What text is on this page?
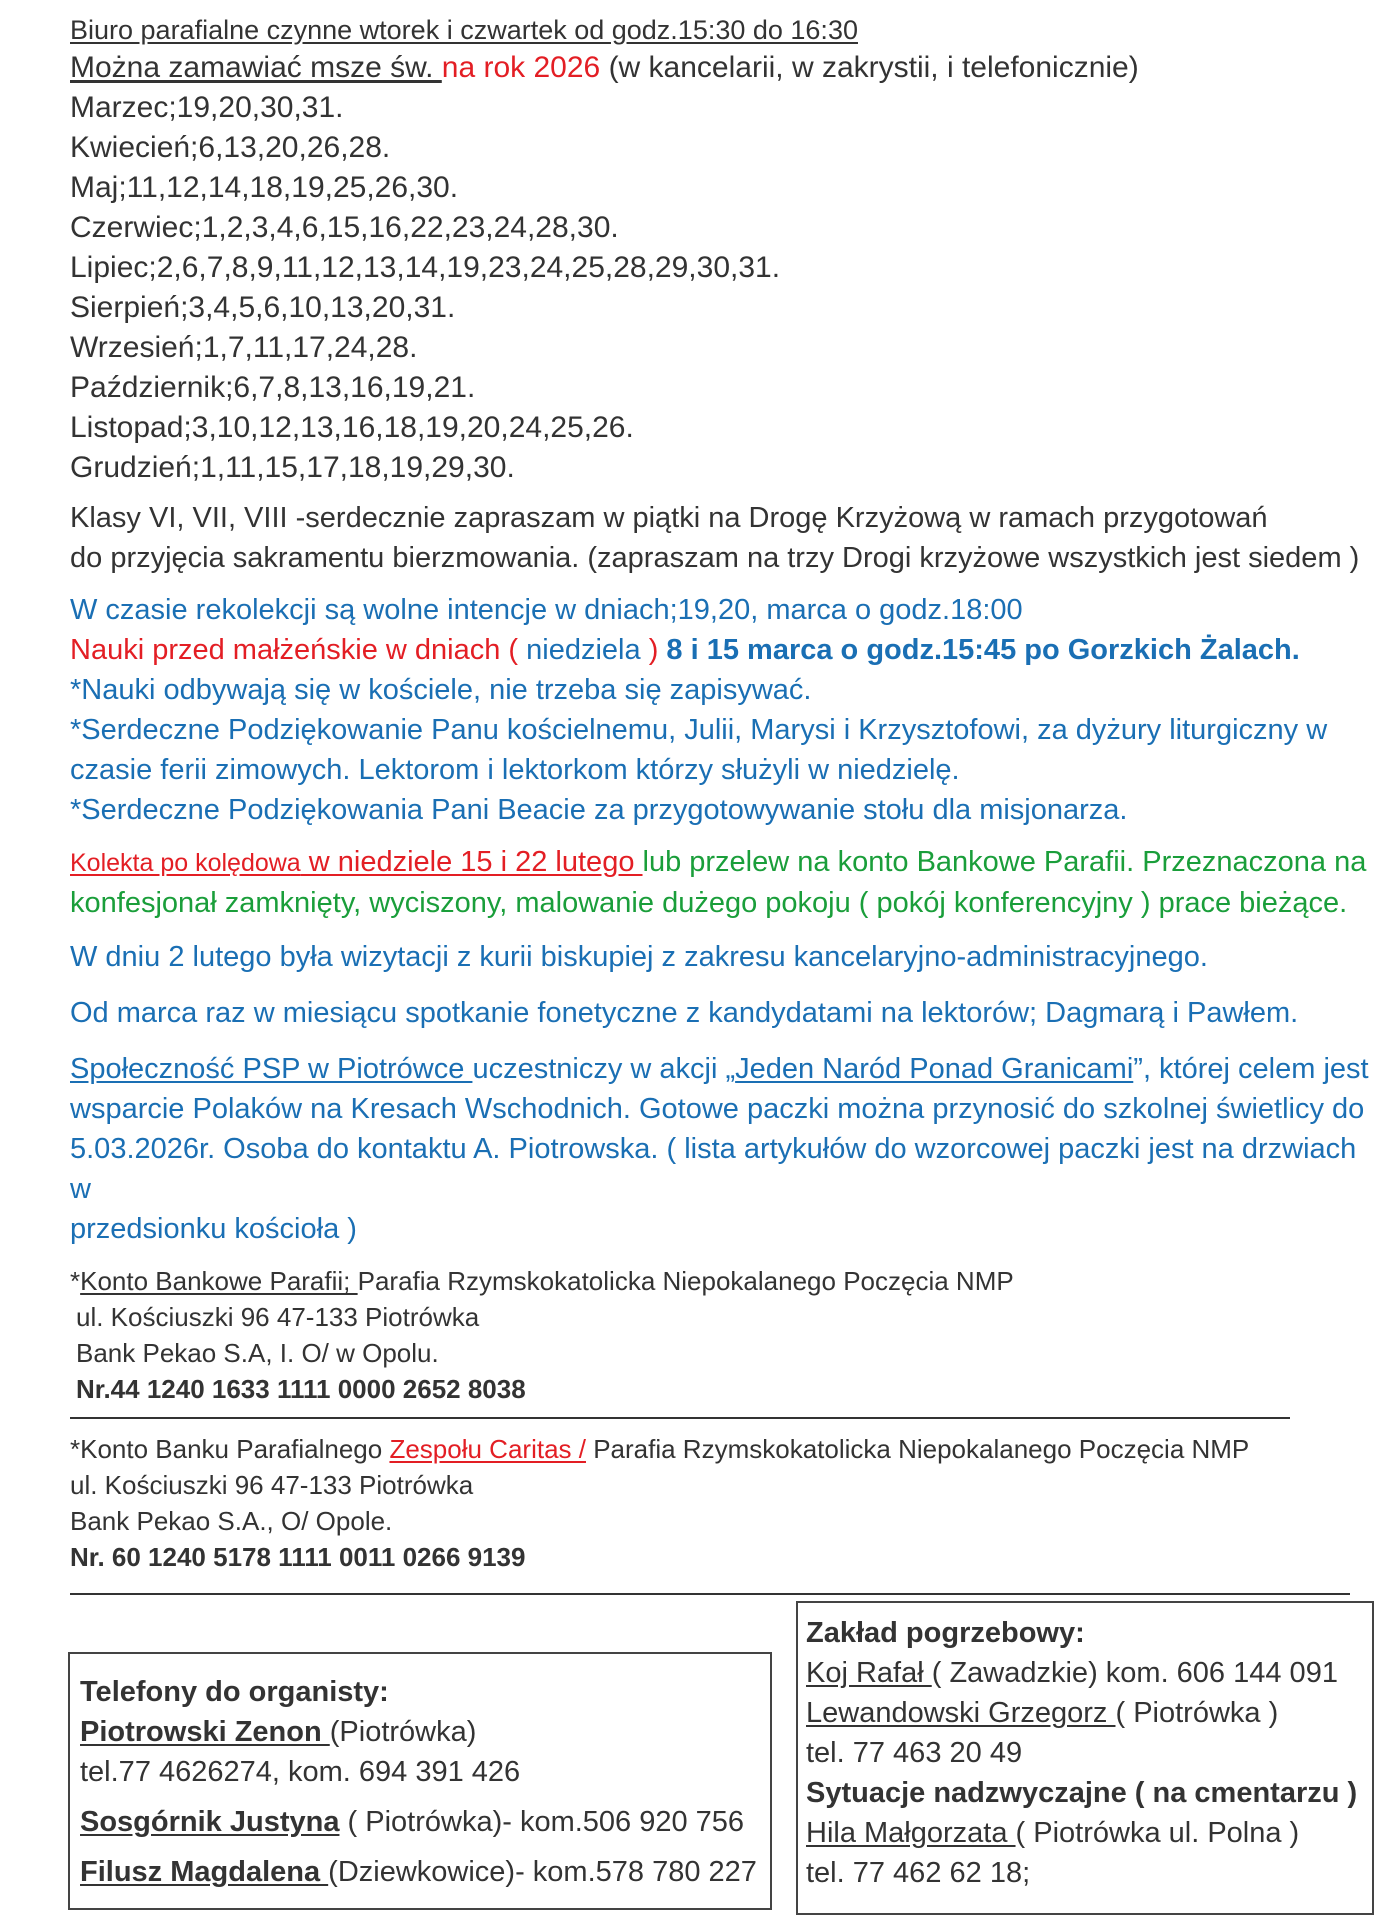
Biuro parafialne czynne wtorek i czwartek od godz.15:30 do 16:30
Można zamawiać msze św. na rok 2026 (w kancelarii, w zakrystii, i telefonicznie)
Marzec;19,20,30,31.
Kwiecień;6,13,20,26,28.
Maj;11,12,14,18,19,25,26,30.
Czerwiec;1,2,3,4,6,15,16,22,23,24,28,30.
Lipiec;2,6,7,8,9,11,12,13,14,19,23,24,25,28,29,30,31.
Sierpień;3,4,5,6,10,13,20,31.
Wrzesień;1,7,11,17,24,28.
Październik;6,7,8,13,16,19,21.
Listopad;3,10,12,13,16,18,19,20,24,25,26.
Grudzień;1,11,15,17,18,19,29,30.
Klasy VI, VII, VIII -serdecznie zapraszam w piątki na Drogę Krzyżową w ramach przygotowań
do przyjęcia sakramentu bierzmowania. (zapraszam na trzy Drogi krzyżowe wszystkich jest siedem )
W czasie rekolekcji są wolne intencje w dniach;19,20, marca o godz.18:00
Nauki przed małżeńskie w dniach ( niedziela ) 8 i 15 marca o godz.15:45 po Gorzkich Żalach.
*Nauki odbywają się w kościele, nie trzeba się zapisywać.
*Serdeczne Podziękowanie Panu kościelnemu, Julii, Marysi i Krzysztofowi, za dyżury liturgiczny w
czasie ferii zimowych. Lektorom i lektorkom którzy służyli w niedzielę.
*Serdeczne Podziękowania Pani Beacie za przygotowywanie stołu dla misjonarza.
Kolekta po kolędowa w niedziele 15 i 22 lutego lub przelew na konto Bankowe Parafii. Przeznaczona na
konfesjonał zamknięty, wyciszony, malowanie dużego pokoju ( pokój konferencyjny ) prace bieżące.
W dniu 2 lutego była wizytacji z kurii biskupiej z zakresu kancelaryjno-administracyjnego.
Od marca raz w miesiącu spotkanie fonetyczne z kandydatami na lektorów; Dagmarą i Pawłem.
Społeczność PSP w Piotrówce uczestniczy w akcji „Jeden Naród Ponad Granicami”, której celem jest
wsparcie Polaków na Kresach Wschodnich. Gotowe paczki można przynosić do szkolnej świetlicy do
5.03.2026r. Osoba do kontaktu A. Piotrowska. ( lista artykułów do wzorcowej paczki jest na drzwiach w
przedsionku kościoła )
*Konto Bankowe Parafii; Parafia Rzymskokatolicka Niepokalanego Poczęcia NMP
ul. Kościuszki 96 47-133 Piotrówka
Bank Pekao S.A, I. O/ w Opolu.
Nr.44 1240 1633 1111 0000 2652 8038
*Konto Banku Parafialnego Zespołu Caritas / Parafia Rzymskokatolicka Niepokalanego Poczęcia NMP
ul. Kościuszki 96 47-133 Piotrówka
Bank Pekao S.A., O/ Opole.
Nr. 60 1240 5178 1111 0011 0266 9139
Telefony do organisty:
Piotrowski Zenon (Piotrówka)
tel.77 4626274, kom. 694 391 426
Sosgórnik Justyna ( Piotrówka)- kom.506 920 756
Filusz Magdalena (Dziewkowice)- kom.578 780 227
Zakład pogrzebowy:
Koj Rafał ( Zawadzkie) kom. 606 144 091
Lewandowski Grzegorz ( Piotrówka )
tel. 77 463 20 49
Sytuacje nadzwyczajne ( na cmentarzu )
Hila Małgorzata ( Piotrówka ul. Polna )
tel. 77 462 62 18;
